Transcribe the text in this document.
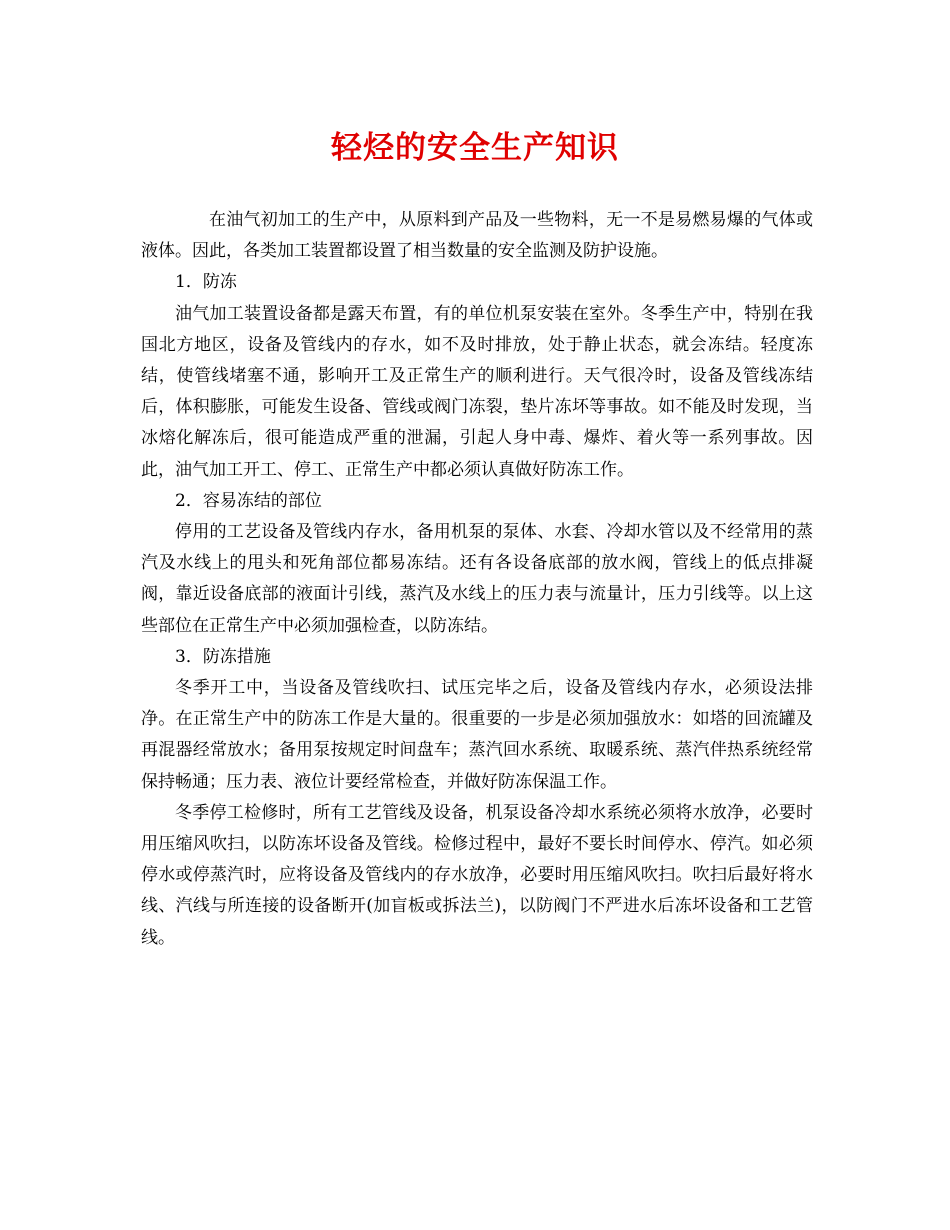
轻烃的安全生产知识

在油气初加工的生产中，从原料到产品及一些物料，无一不是易燃易爆的气体或液体。因此，各类加工装置都设置了相当数量的安全监测及防护设施。

1．防冻

油气加工装置设备都是露天布置，有的单位机泵安装在室外。冬季生产中，特别在我国北方地区，设备及管线内的存水，如不及时排放，处于静止状态，就会冻结。轻度冻结，使管线堵塞不通，影响开工及正常生产的顺利进行。天气很冷时，设备及管线冻结后，体积膨胀，可能发生设备、管线或阀门冻裂，垫片冻坏等事故。如不能及时发现，当冰熔化解冻后，很可能造成严重的泄漏，引起人身中毒、爆炸、着火等一系列事故。因此，油气加工开工、停工、正常生产中都必须认真做好防冻工作。

2．容易冻结的部位

停用的工艺设备及管线内存水，备用机泵的泵体、水套、冷却水管以及不经常用的蒸汽及水线上的甩头和死角部位都易冻结。还有各设备底部的放水阀，管线上的低点排凝阀，靠近设备底部的液面计引线，蒸汽及水线上的压力表与流量计，压力引线等。以上这些部位在正常生产中必须加强检查，以防冻结。

3．防冻措施

冬季开工中，当设备及管线吹扫、试压完毕之后，设备及管线内存水，必须设法排净。在正常生产中的防冻工作是大量的。很重要的一步是必须加强放水：如塔的回流罐及再混器经常放水；备用泵按规定时间盘车；蒸汽回水系统、取暖系统、蒸汽伴热系统经常保持畅通；压力表、液位计要经常检查，并做好防冻保温工作。

冬季停工检修时，所有工艺管线及设备，机泵设备冷却水系统必须将水放净，必要时用压缩风吹扫，以防冻坏设备及管线。检修过程中，最好不要长时间停水、停汽。如必须停水或停蒸汽时，应将设备及管线内的存水放净，必要时用压缩风吹扫。吹扫后最好将水线、汽线与所连接的设备断开(加盲板或拆法兰)，以防阀门不严进水后冻坏设备和工艺管线。
